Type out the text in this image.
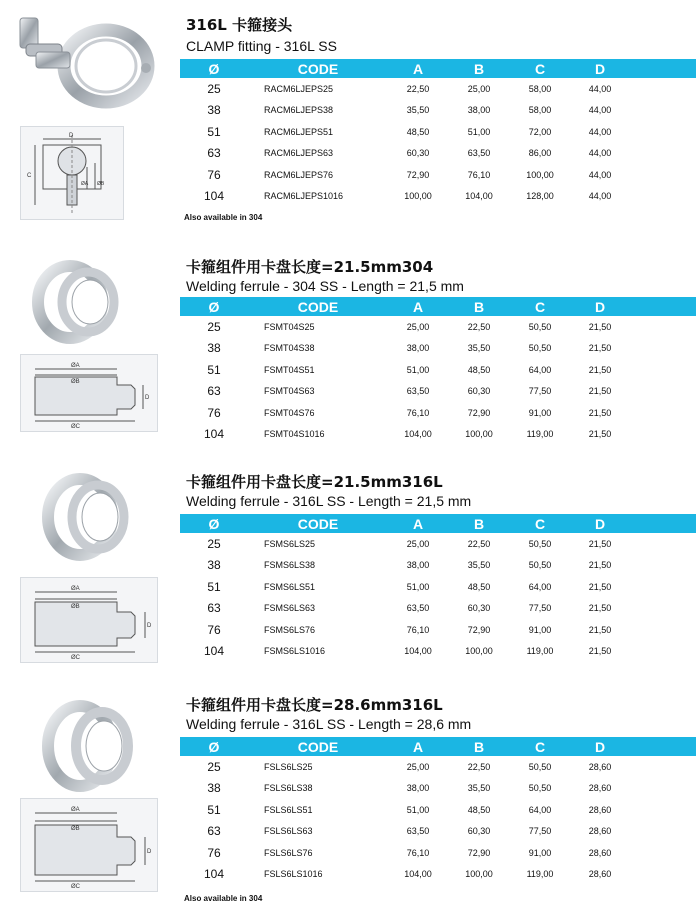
D
C
ØA ØB
316L 卡箍接头
CLAMP fitting - 316L SS
Ø	CODE	A	B	C	D	
25	RACM6LJEPS25	22,50	25,00	58,00	44,00	
38	RACM6LJEPS38	35,50	38,00	58,00	44,00	
51	RACM6LJEPS51	48,50	51,00	72,00	44,00	
63	RACM6LJEPS63	60,30	63,50	86,00	44,00	
76	RACM6LJEPS76	72,90	76,10	100,00	44,00	
104	RACM6LJEPS1016	100,00	104,00	128,00	44,00	
Also available in 304
ØA
ØB
ØC
D
卡箍组件用卡盘长度=21.5mm304
Welding ferrule - 304 SS - Length = 21,5 mm
Ø	CODE	A	B	C	D	
25	FSMT04S25	25,00	22,50	50,50	21,50	
38	FSMT04S38	38,00	35,50	50,50	21,50	
51	FSMT04S51	51,00	48,50	64,00	21,50	
63	FSMT04S63	63,50	60,30	77,50	21,50	
76	FSMT04S76	76,10	72,90	91,00	21,50	
104	FSMT04S1016	104,00	100,00	119,00	21,50	
ØA
ØB
ØC
D
卡箍组件用卡盘长度=21.5mm316L
Welding ferrule - 316L SS - Length = 21,5 mm
Ø	CODE	A	B	C	D	
25	FSMS6LS25	25,00	22,50	50,50	21,50	
38	FSMS6LS38	38,00	35,50	50,50	21,50	
51	FSMS6LS51	51,00	48,50	64,00	21,50	
63	FSMS6LS63	63,50	60,30	77,50	21,50	
76	FSMS6LS76	76,10	72,90	91,00	21,50	
104	FSMS6LS1016	104,00	100,00	119,00	21,50	
ØA
ØB
ØC
D
卡箍组件用卡盘长度=28.6mm316L
Welding ferrule - 316L SS - Length = 28,6 mm
Ø	CODE	A	B	C	D	
25	FSLS6LS25	25,00	22,50	50,50	28,60	
38	FSLS6LS38	38,00	35,50	50,50	28,60	
51	FSLS6LS51	51,00	48,50	64,00	28,60	
63	FSLS6LS63	63,50	60,30	77,50	28,60	
76	FSLS6LS76	76,10	72,90	91,00	28,60	
104	FSLS6LS1016	104,00	100,00	119,00	28,60	
Also available in 304
